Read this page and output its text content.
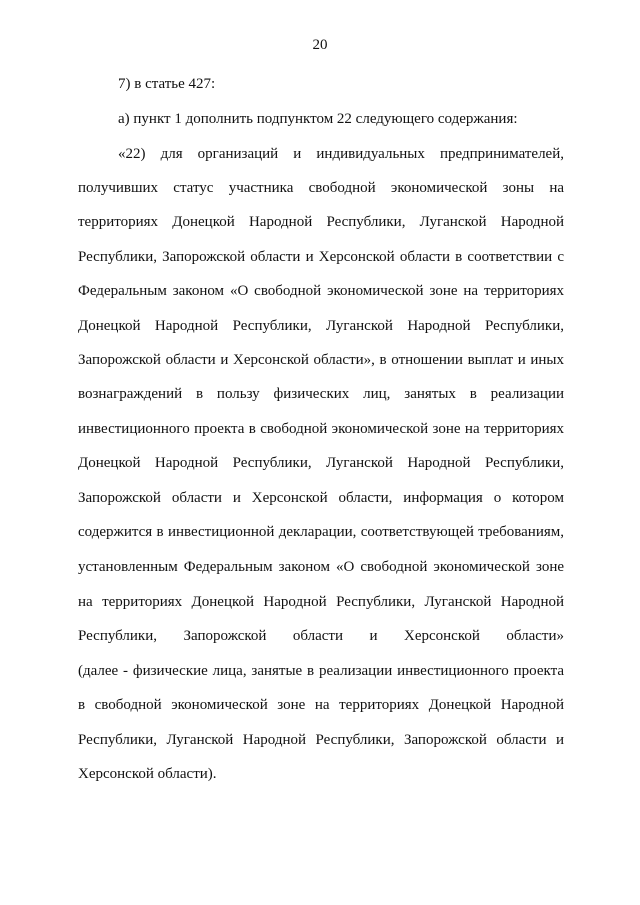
20
7) в статье 427:
а) пункт 1 дополнить подпунктом 22 следующего содержания:
«22) для организаций и индивидуальных предпринимателей,
получивших статус участника свободной экономической зоны на
территориях Донецкой Народной Республики, Луганской Народной
Республики, Запорожской области и Херсонской области в соответствии с
Федеральным законом «О свободной экономической зоне на территориях
Донецкой Народной Республики, Луганской Народной Республики,
Запорожской области и Херсонской области», в отношении выплат и иных
вознаграждений в пользу физических лиц, занятых в реализации
инвестиционного проекта в свободной экономической зоне на территориях
Донецкой Народной Республики, Луганской Народной Республики,
Запорожской области и Херсонской области, информация о котором
содержится в инвестиционной декларации, соответствующей требованиям,
установленным Федеральным законом «О свободной экономической зоне
на территориях Донецкой Народной Республики, Луганской Народной
Республики, Запорожской области и Херсонской области»
(далее - физические лица, занятые в реализации инвестиционного проекта
в свободной экономической зоне на территориях Донецкой Народной
Республики, Луганской Народной Республики, Запорожской области и
Херсонской области).
